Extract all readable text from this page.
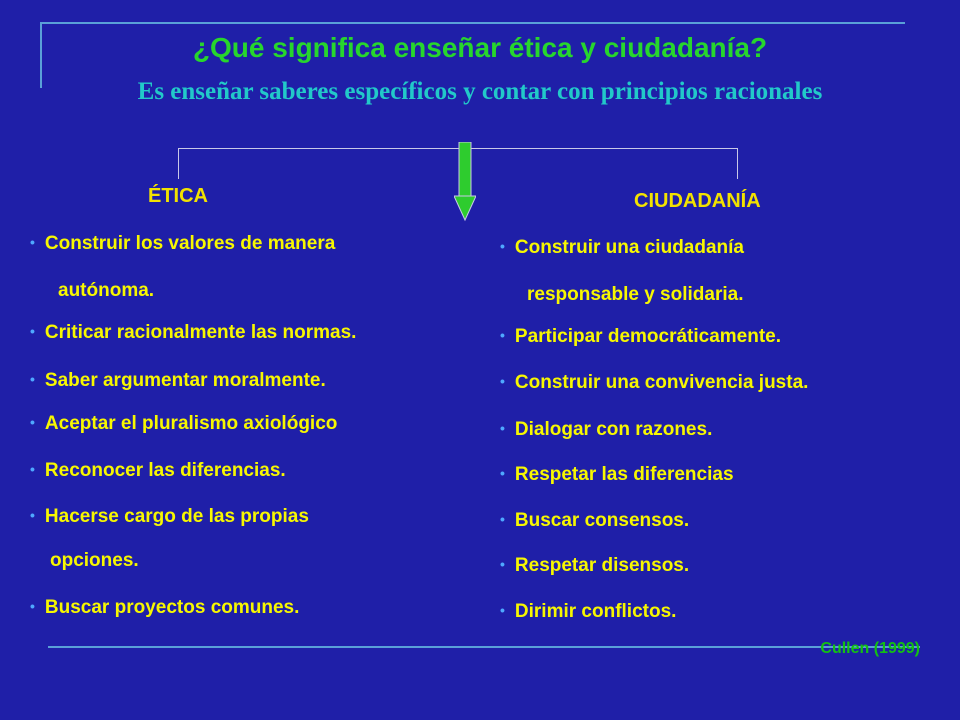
¿Qué significa enseñar ética y ciudadanía?
Es enseñar saberes específicos y contar con principios racionales
ÉTICA
• Construir los valores de manera
autónoma.
• Criticar racionalmente las normas.
• Saber argumentar moralmente.
• Aceptar el pluralismo axiológico
• Reconocer las diferencias.
• Hacerse cargo de las propias
opciones.
• Buscar proyectos comunes.
CIUDADANÍA
• Construir una ciudadanía
responsable y solidaria.
• Participar democráticamente.
• Construir una convivencia justa.
• Dialogar con razones.
• Respetar las diferencias
• Buscar consensos.
• Respetar disensos.
• Dirimir conflictos.
Cullen (1999)
